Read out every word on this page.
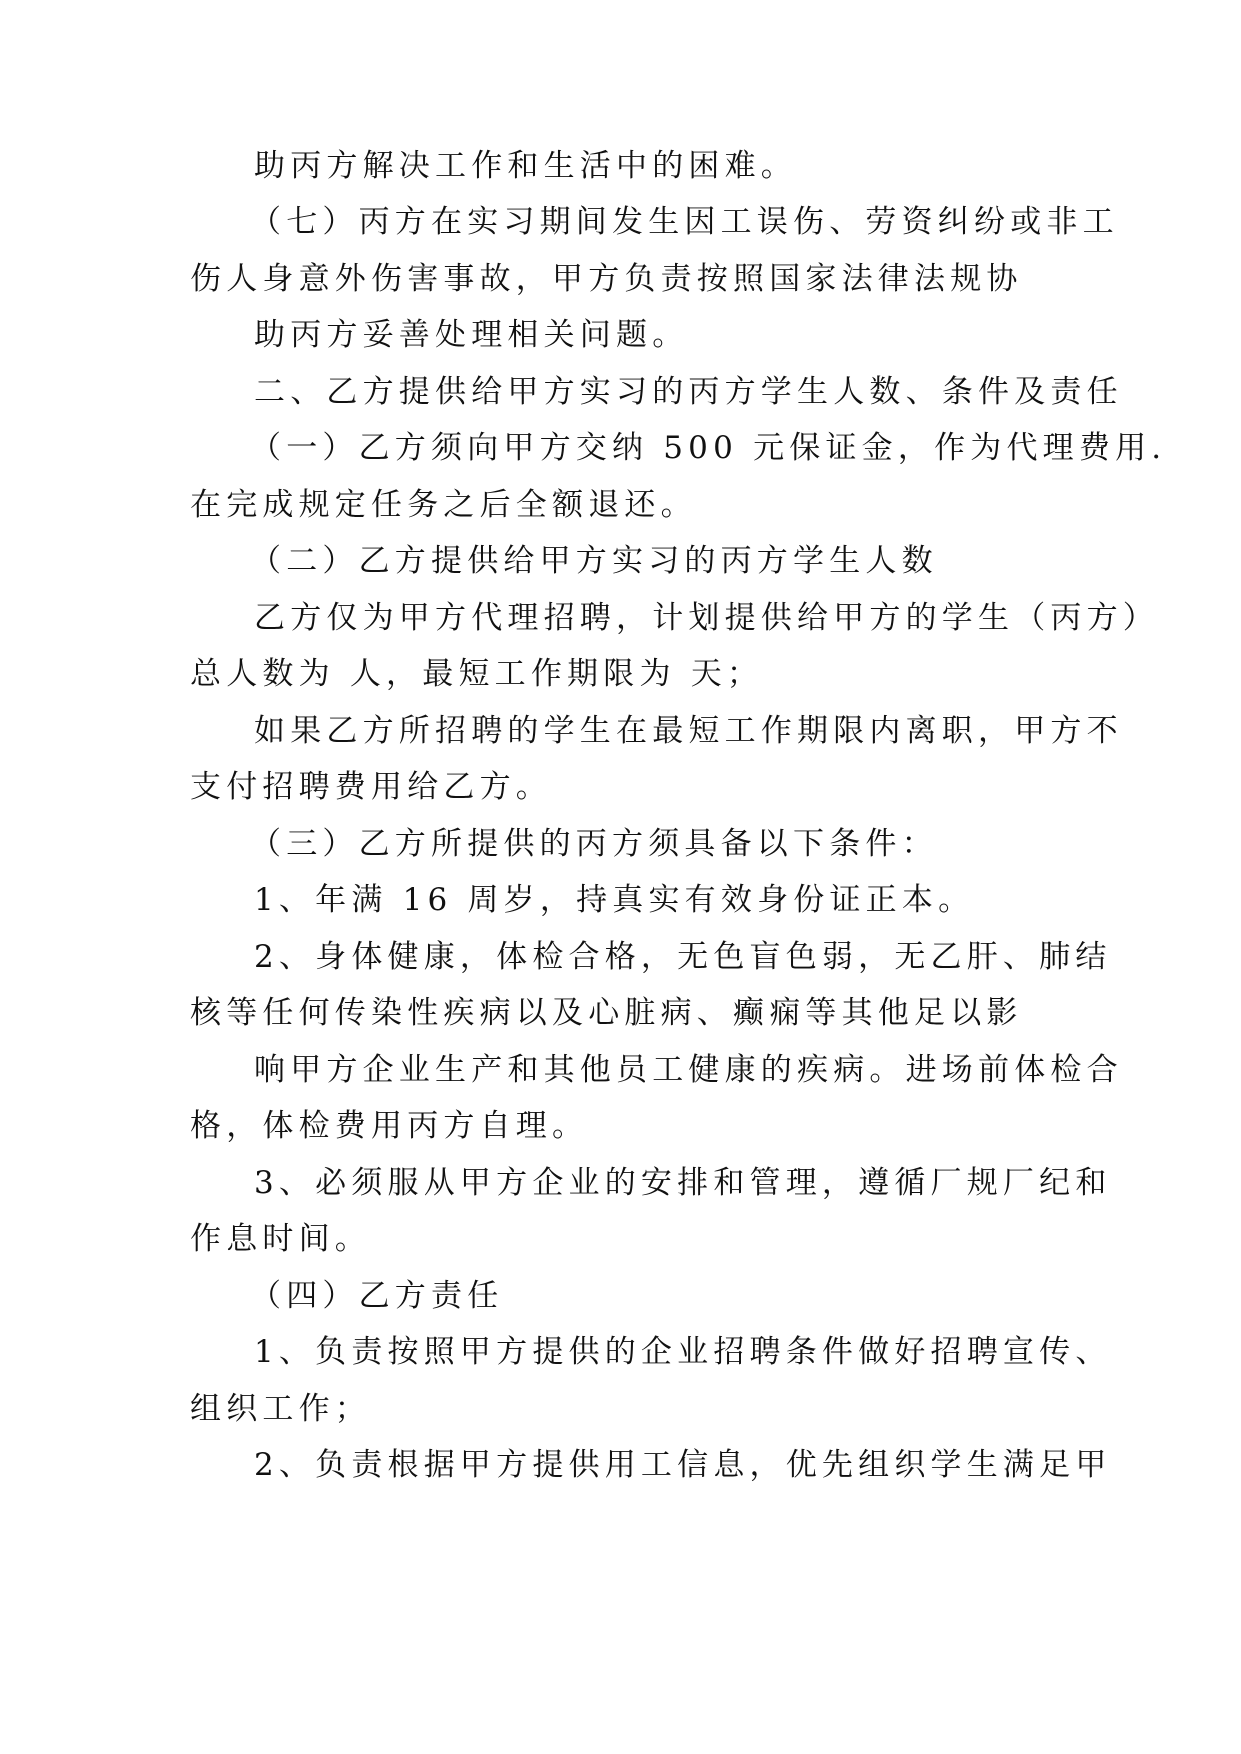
助丙方解决工作和生活中的困难。
（七）丙方在实习期间发生因工误伤、劳资纠纷或非工
伤人身意外伤害事故，甲方负责按照国家法律法规协
助丙方妥善处理相关问题。
二、乙方提供给甲方实习的丙方学生人数、条件及责任
（一）乙方须向甲方交纳 500 元保证金，作为代理费用.
在完成规定任务之后全额退还。
（二）乙方提供给甲方实习的丙方学生人数
乙方仅为甲方代理招聘，计划提供给甲方的学生（丙方）
总人数为 人，最短工作期限为 天；
如果乙方所招聘的学生在最短工作期限内离职，甲方不
支付招聘费用给乙方。
（三）乙方所提供的丙方须具备以下条件：
1、年满 16 周岁，持真实有效身份证正本。
2、身体健康，体检合格，无色盲色弱，无乙肝、肺结
核等任何传染性疾病以及心脏病、癫痫等其他足以影
响甲方企业生产和其他员工健康的疾病。进场前体检合
格，体检费用丙方自理。
3、必须服从甲方企业的安排和管理，遵循厂规厂纪和
作息时间。
（四）乙方责任
1、负责按照甲方提供的企业招聘条件做好招聘宣传、
组织工作；
2、负责根据甲方提供用工信息，优先组织学生满足甲
